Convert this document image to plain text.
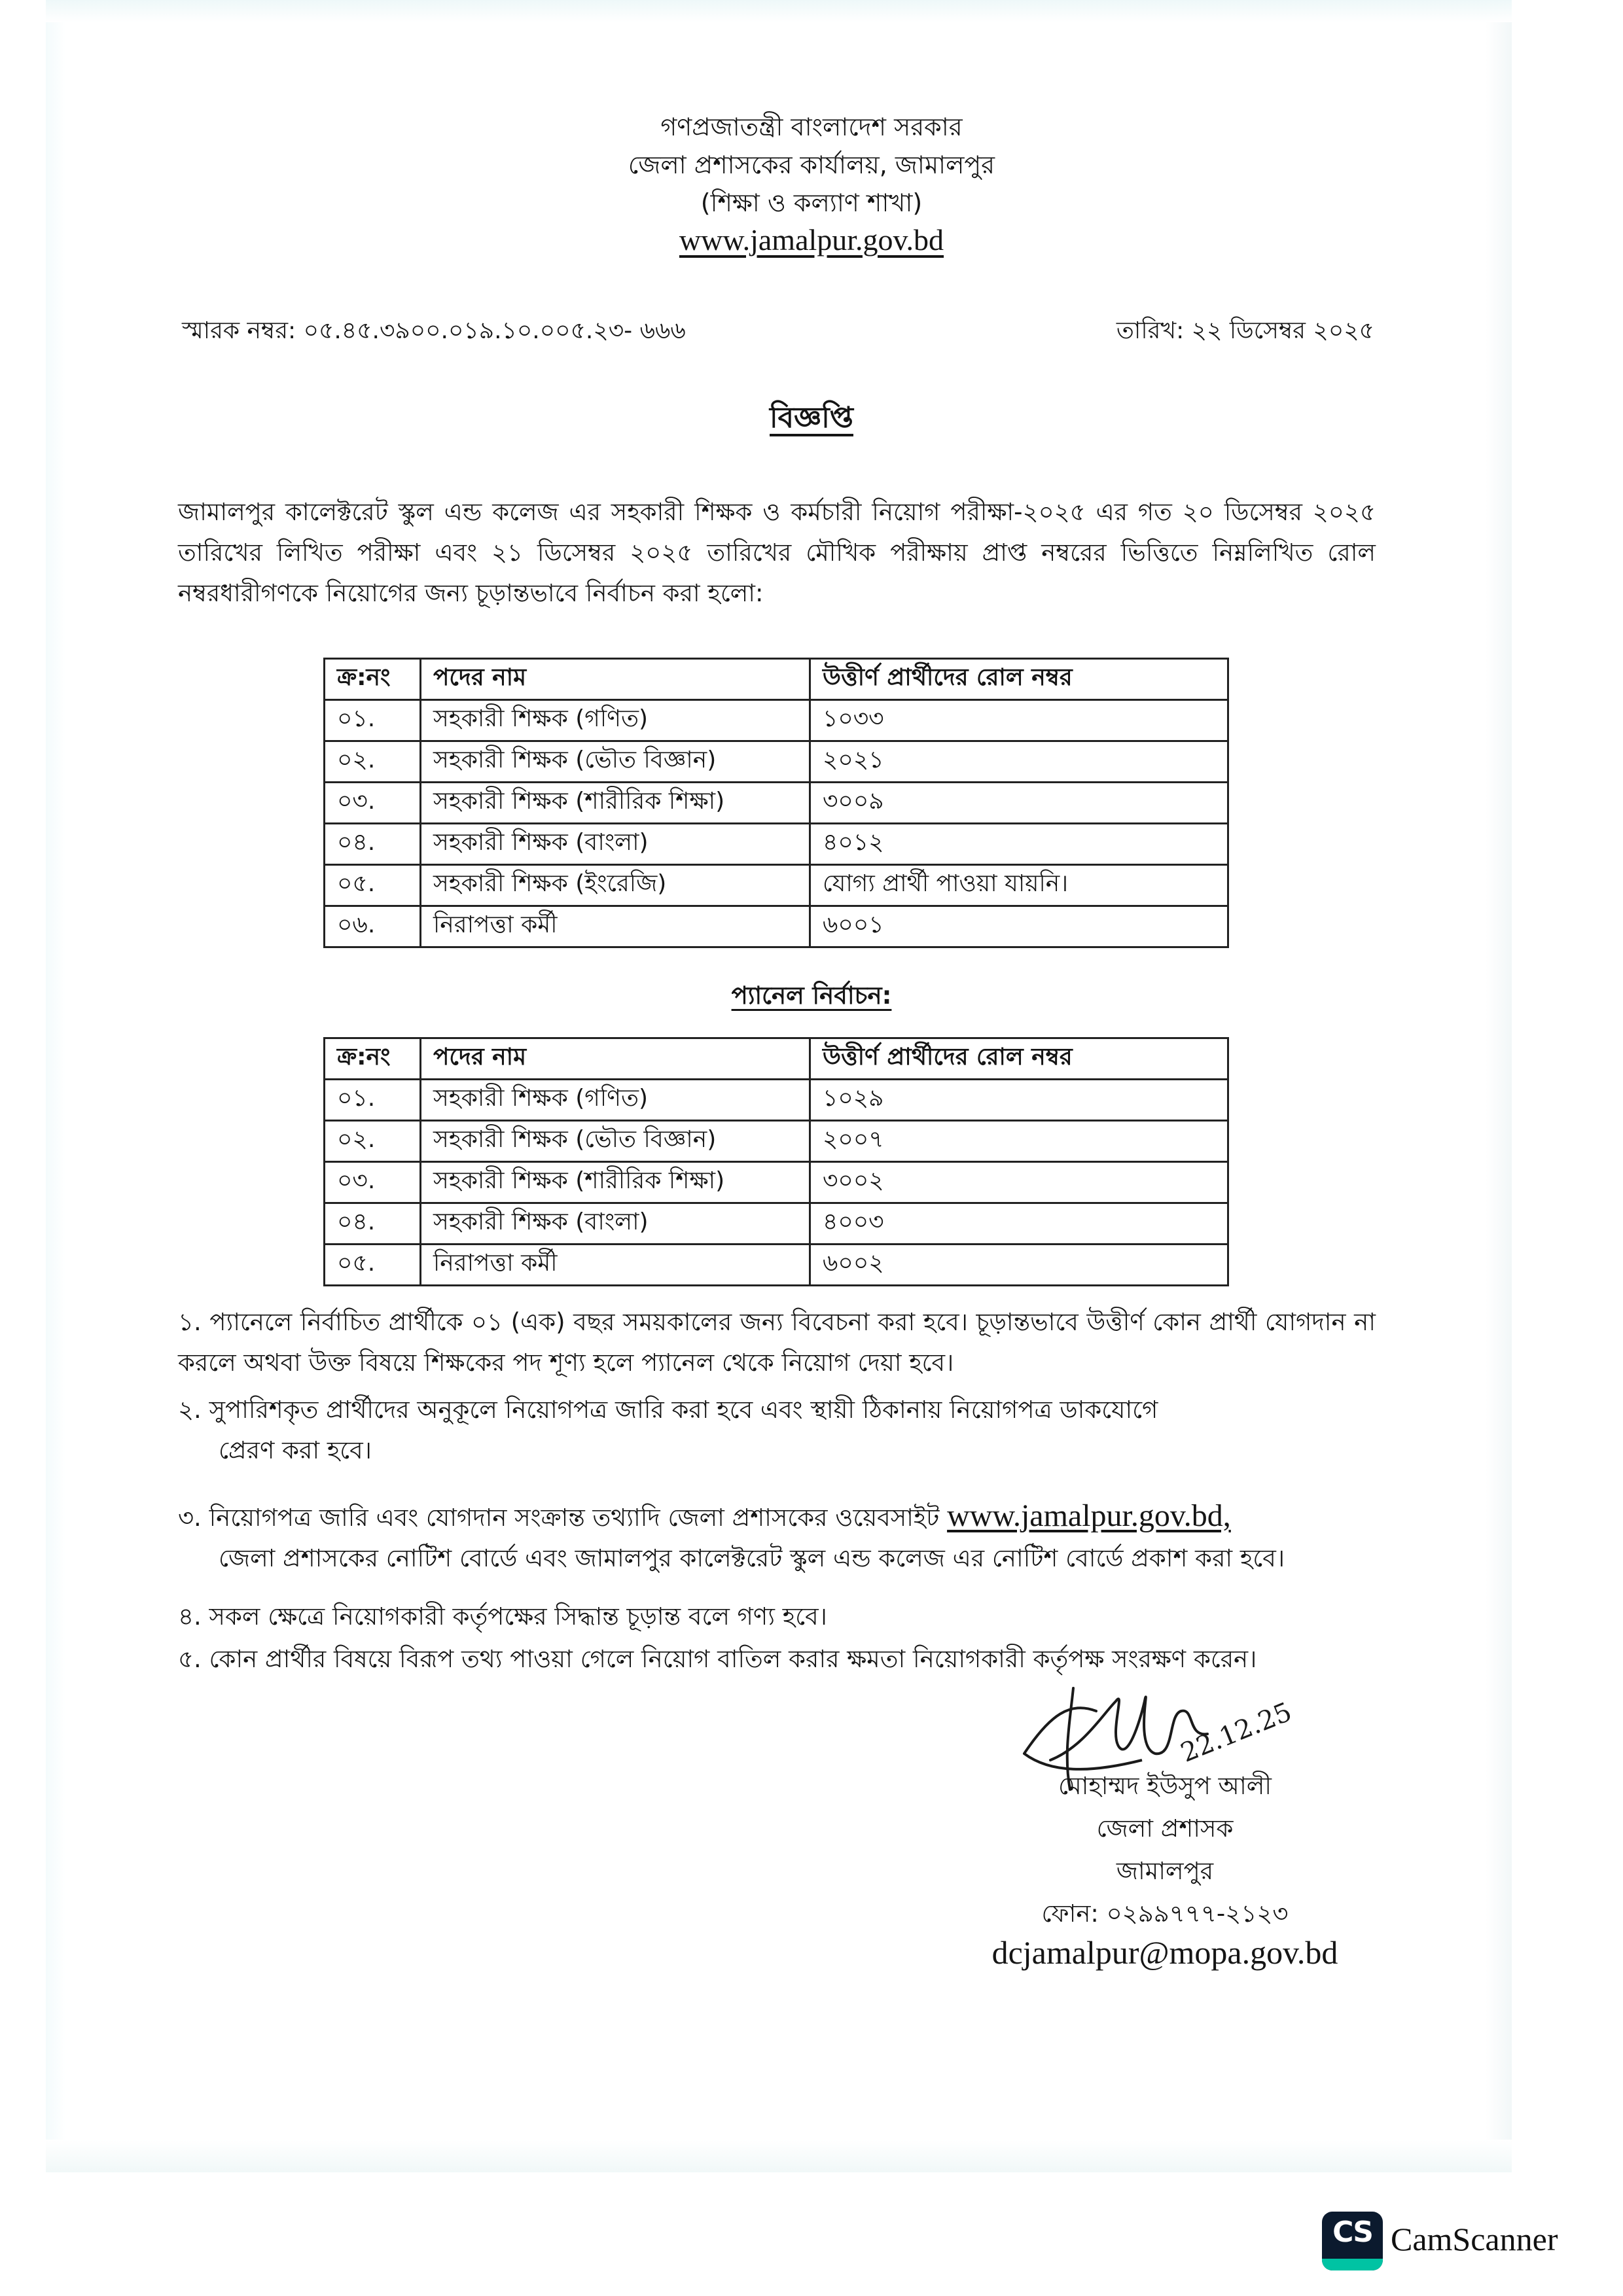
গণপ্রজাতন্ত্রী বাংলাদেশ সরকার
জেলা প্রশাসকের কার্যালয়, জামালপুর
(শিক্ষা ও কল্যাণ শাখা)
www.jamalpur.gov.bd
স্মারক নম্বর: ০৫.৪৫.৩৯০০.০১৯.১০.০০৫.২৩- ৬৬৬	তারিখ: ২২ ডিসেম্বর ২০২৫
বিজ্ঞপ্তি
জামালপুর কালেক্টরেট স্কুল এন্ড কলেজ এর সহকারী শিক্ষক ও কর্মচারী নিয়োগ পরীক্ষা-২০২৫ এর গত ২০ ডিসেম্বর ২০২৫ তারিখের লিখিত পরীক্ষা এবং ২১ ডিসেম্বর ২০২৫ তারিখের মৌখিক পরীক্ষায় প্রাপ্ত নম্বরের ভিত্তিতে নিম্নলিখিত রোল নম্বরধারীগণকে নিয়োগের জন্য চূড়ান্তভাবে নির্বাচন করা হলো:
ক্র:নং	পদের নাম	উত্তীর্ণ প্রার্থীদের রোল নম্বর
০১.	সহকারী শিক্ষক (গণিত)	১০৩৩
০২.	সহকারী শিক্ষক (ভৌত বিজ্ঞান)	২০২১
০৩.	সহকারী শিক্ষক (শারীরিক শিক্ষা)	৩০০৯
০৪.	সহকারী শিক্ষক (বাংলা)	৪০১২
০৫.	সহকারী শিক্ষক (ইংরেজি)	যোগ্য প্রার্থী পাওয়া যায়নি।
০৬.	নিরাপত্তা কর্মী	৬০০১
প্যানেল নির্বাচন:
ক্র:নং	পদের নাম	উত্তীর্ণ প্রার্থীদের রোল নম্বর
০১.	সহকারী শিক্ষক (গণিত)	১০২৯
০২.	সহকারী শিক্ষক (ভৌত বিজ্ঞান)	২০০৭
০৩.	সহকারী শিক্ষক (শারীরিক শিক্ষা)	৩০০২
০৪.	সহকারী শিক্ষক (বাংলা)	৪০০৩
০৫.	নিরাপত্তা কর্মী	৬০০২
১. প্যানেলে নির্বাচিত প্রার্থীকে ০১ (এক) বছর সময়কালের জন্য বিবেচনা করা হবে। চূড়ান্তভাবে উত্তীর্ণ কোন প্রার্থী যোগদান না করলে অথবা উক্ত বিষয়ে শিক্ষকের পদ শূণ্য হলে প্যানেল থেকে নিয়োগ দেয়া হবে।

২. সুপারিশকৃত প্রার্থীদের অনুকূলে নিয়োগপত্র জারি করা হবে এবং স্থায়ী ঠিকানায় নিয়োগপত্র ডাকযোগে

প্রেরণ করা হবে।

৩. নিয়োগপত্র জারি এবং যোগদান সংক্রান্ত তথ্যাদি জেলা প্রশাসকের ওয়েবসাইট www.jamalpur.gov.bd,

জেলা প্রশাসকের নোটিশ বোর্ডে এবং জামালপুর কালেক্টরেট স্কুল এন্ড কলেজ এর নোটিশ বোর্ডে প্রকাশ করা হবে।

৪. সকল ক্ষেত্রে নিয়োগকারী কর্তৃপক্ষের সিদ্ধান্ত চূড়ান্ত বলে গণ্য হবে।
৫. কোন প্রার্থীর বিষয়ে বিরূপ তথ্য পাওয়া গেলে নিয়োগ বাতিল করার ক্ষমতা নিয়োগকারী কর্তৃপক্ষ সংরক্ষণ করেন।
22.12.25
মোহাম্মদ ইউসুপ আলী
জেলা প্রশাসক
জামালপুর
ফোন: ০২৯৯৭৭৭-২১২৩
dcjamalpur@mopa.gov.bd
CS CamScanner
